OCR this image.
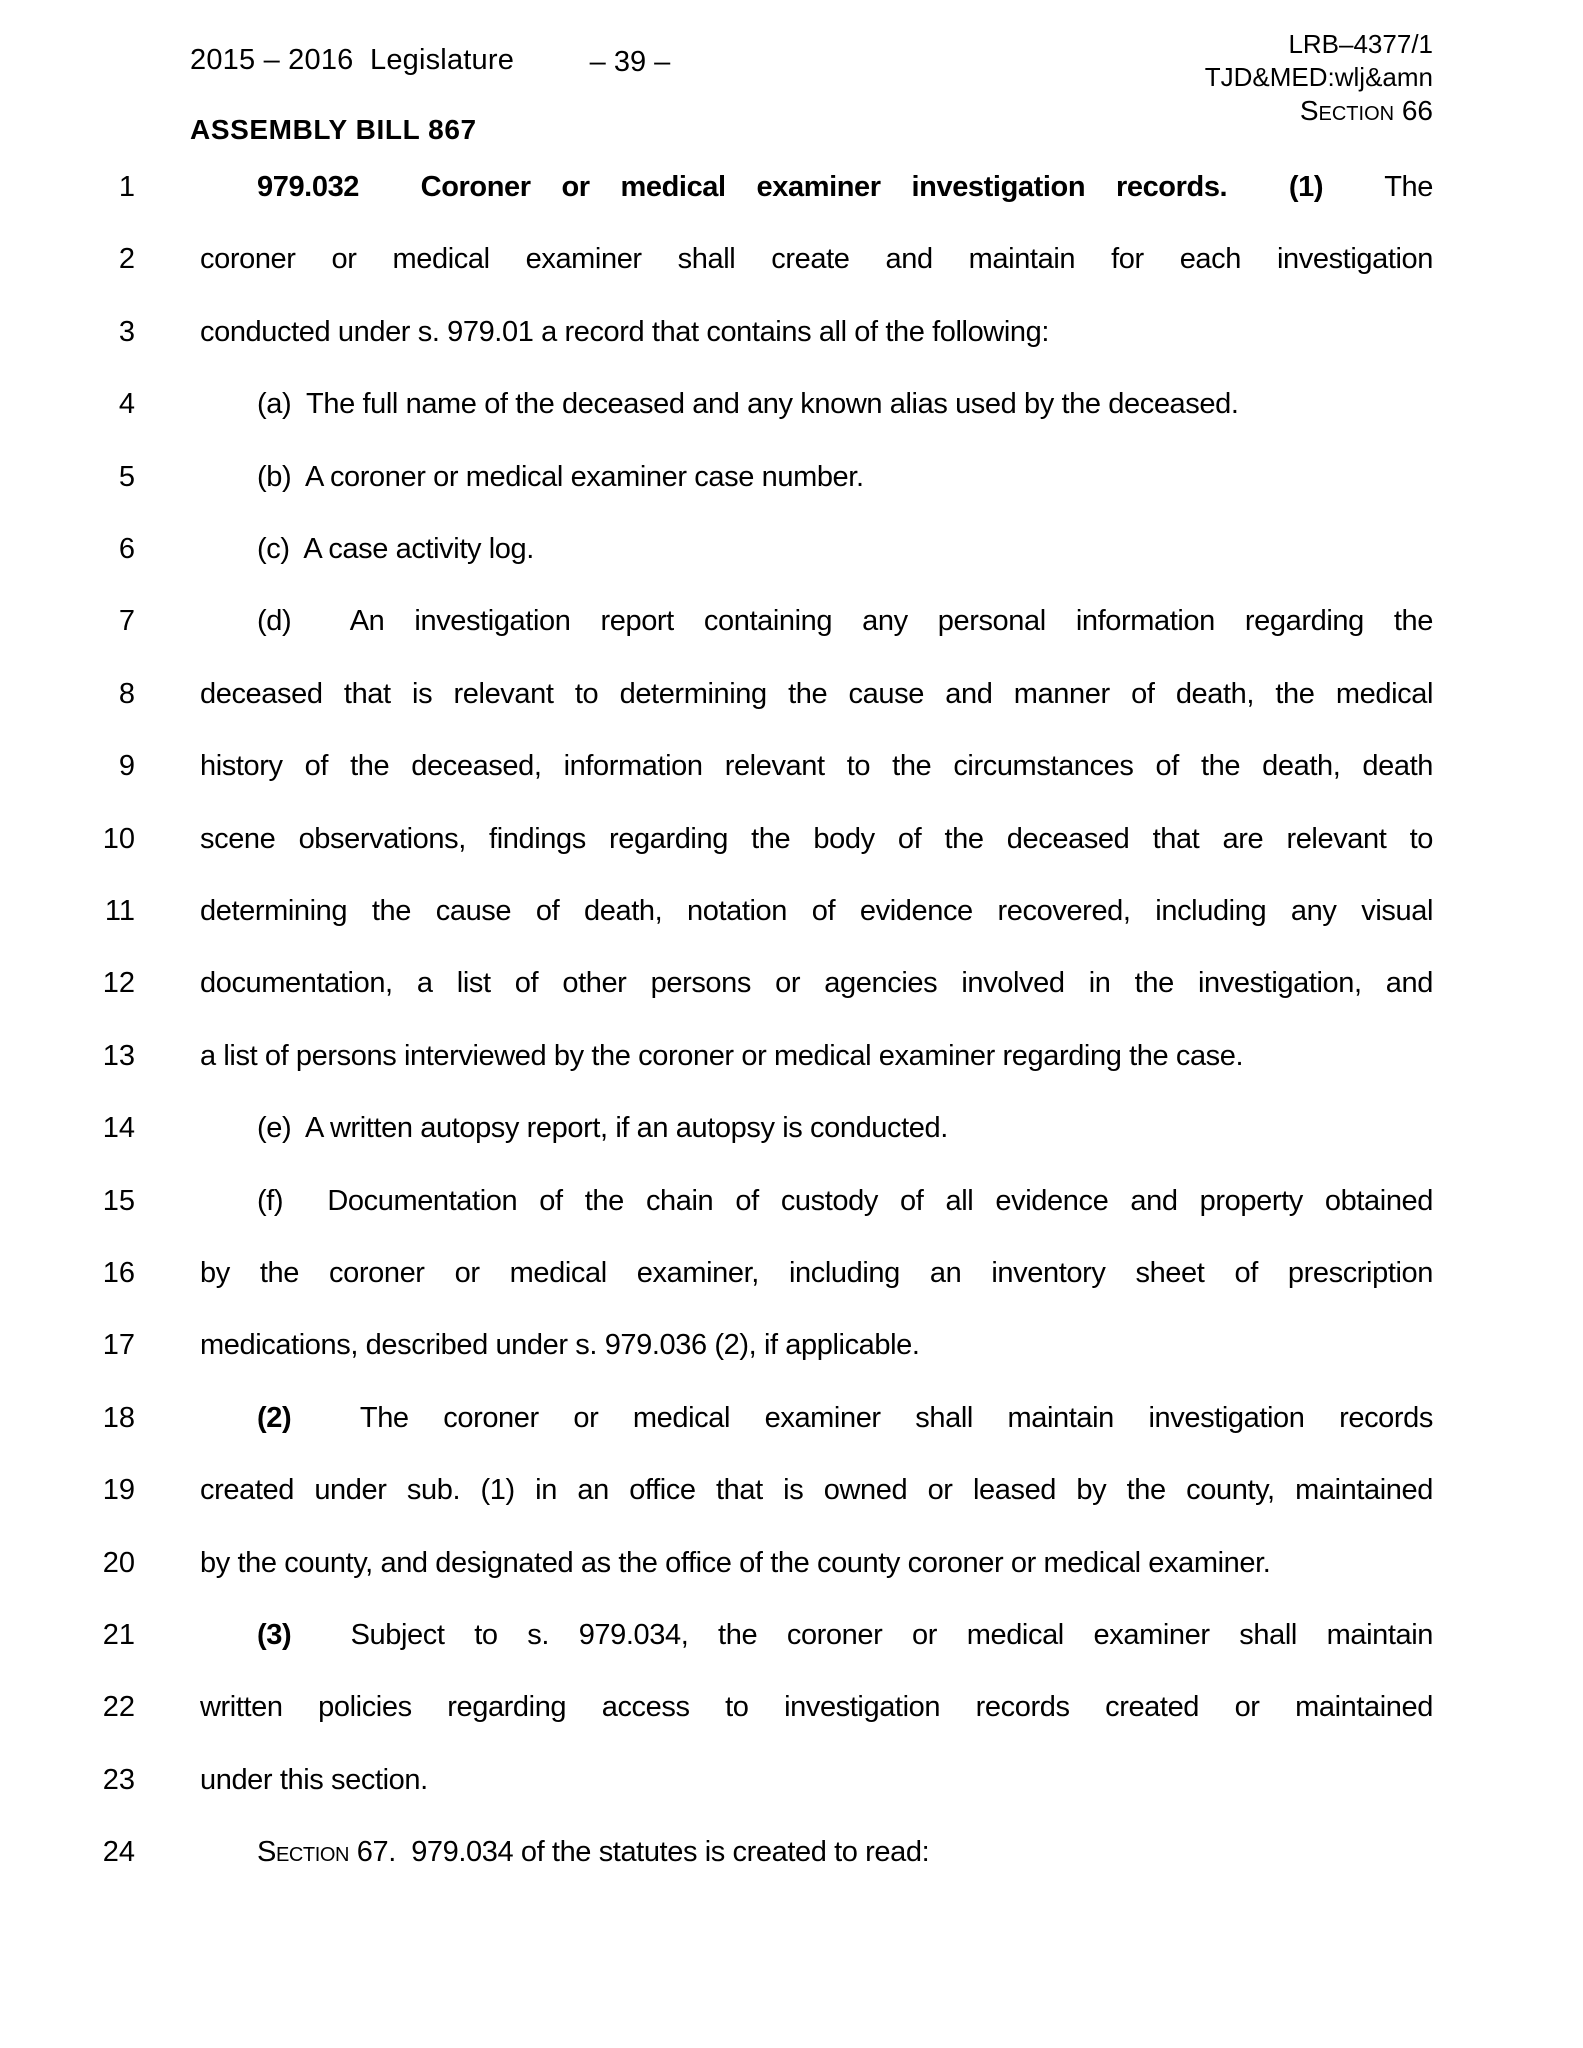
2015 – 2016  Legislature
ASSEMBLY BILL 867
– 39 –
LRB–4377/1
TJD&MED:wlj&amn
Section 66
1	979.032  Coroner or medical examiner investigation records.  (1)  The
2 coroner or medical examiner shall create and maintain for each investigation
3 conducted under s. 979.01 a record that contains all of the following:
4	(a)  The full name of the deceased and any known alias used by the deceased.
5	(b)  A coroner or medical examiner case number.
6	(c)  A case activity log.
7	(d)  An investigation report containing any personal information regarding the
8 deceased that is relevant to determining the cause and manner of death, the medical
9 history of the deceased, information relevant to the circumstances of the death, death
10 scene observations, findings regarding the body of the deceased that are relevant to
11 determining the cause of death, notation of evidence recovered, including any visual
12 documentation, a list of other persons or agencies involved in the investigation, and
13 a list of persons interviewed by the coroner or medical examiner regarding the case.
14	(e)  A written autopsy report, if an autopsy is conducted.
15	(f)  Documentation of the chain of custody of all evidence and property obtained
16 by the coroner or medical examiner, including an inventory sheet of prescription
17 medications, described under s. 979.036 (2), if applicable.
18	(2)  The coroner or medical examiner shall maintain investigation records
19 created under sub. (1) in an office that is owned or leased by the county, maintained
20 by the county, and designated as the office of the county coroner or medical examiner.
21	(3)  Subject to s. 979.034, the coroner or medical examiner shall maintain
22 written policies regarding access to investigation records created or maintained
23 under this section.
24	Section 67.  979.034 of the statutes is created to read:
